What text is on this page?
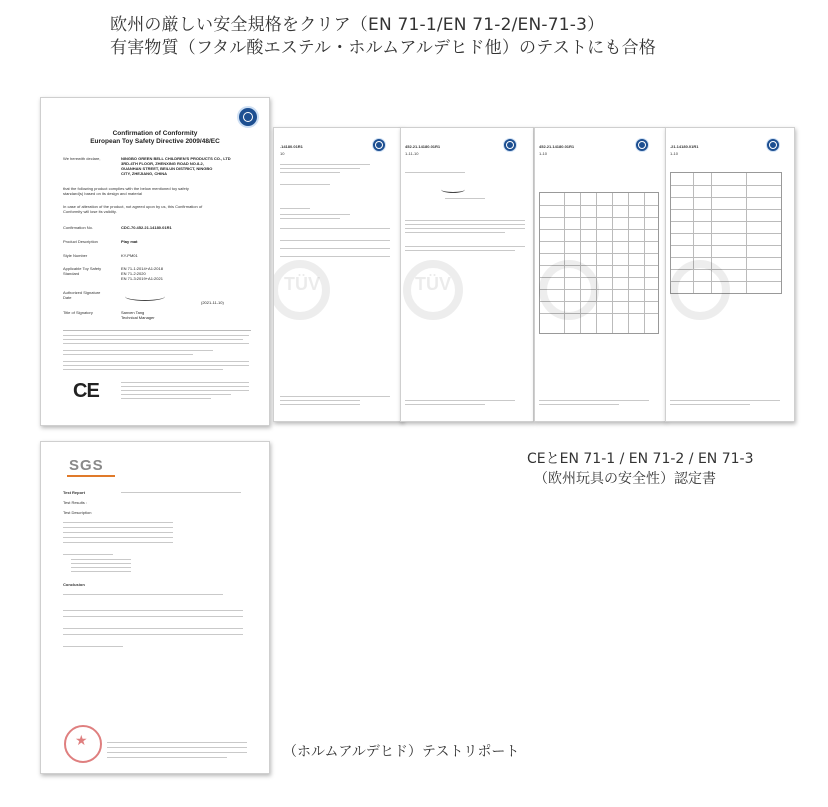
欧州の厳しい安全規格をクリア（EN 71-1/EN 71-2/EN-71-3）
有害物質（フタル酸エステル・ホルムアルデヒド他）のテストにも合格
Confirmation of Conformity
European Toy Safety Directive 2009/48/EC
We herewith declare,	NINGBO GREEN BELL CHILDREN'S PRODUCTS CO., LTD
3RD-4TH FLOOR, ZHENXING ROAD NO.8-2,
GUANHAN STREET, BEILUN DISTRICT, NINGBO
CITY, ZHEJIANG, CHINA
that the following product complies with the below mentioned toy safety
standard(s) based on its design and material
In case of alteration of the product, not agreed upon by us, this Confirmation of
Conformity will lose its validity.
Confirmation No.	CDC-70.452.21.14180.01R1
Product Description	Play mat
Style Number	KY-PM01
Applicable Toy Safety	EN 71-1:2014+A1:2018
Standard	EN 71-2:2020
EN 71-3:2019+A1:2021
Authorized Signature
Date
(2021-11-10)
Title of Signatory	Sanven Tang
Technical Manager
CE
.14180.01R1
10
TÜV
452.21.14180.01R1
1-11-10
TÜV
452.21.14180.01R1
1-10
.21.14180.01R1
1-10
SGS
Test Report
Test Results :
Test Description
Conclusion
★
CEとEN 71-1 / EN 71-2 / EN 71-3
（欧州玩具の安全性）認定書
（ホルムアルデヒド）テストリポート
